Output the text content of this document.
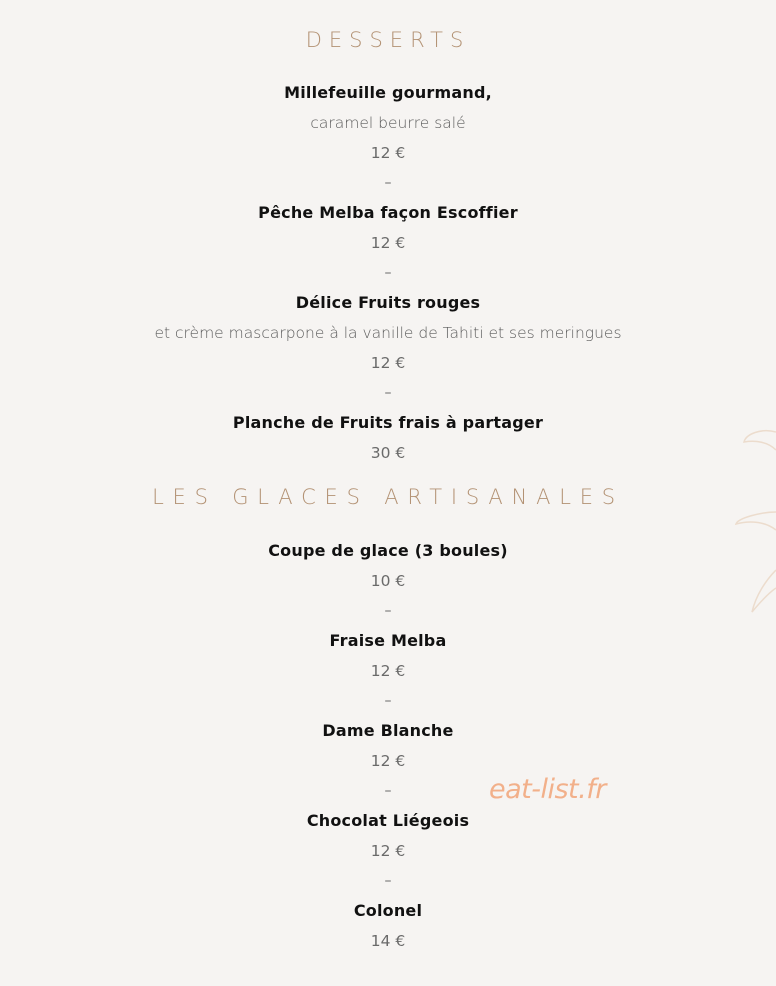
DESSERTS
Millefeuille gourmand,
caramel beurre salé
12 €
–
Pêche Melba façon Escoffier
12 €
–
Délice Fruits rouges
et crème mascarpone à la vanille de Tahiti et ses meringues
12 €
–
Planche de Fruits frais à partager
30 €
LES GLACES ARTISANALES
Coupe de glace (3 boules)
10 €
–
Fraise Melba
12 €
–
Dame Blanche
12 €
–
Chocolat Liégeois
12 €
–
Colonel
14 €
eat-list.fr
